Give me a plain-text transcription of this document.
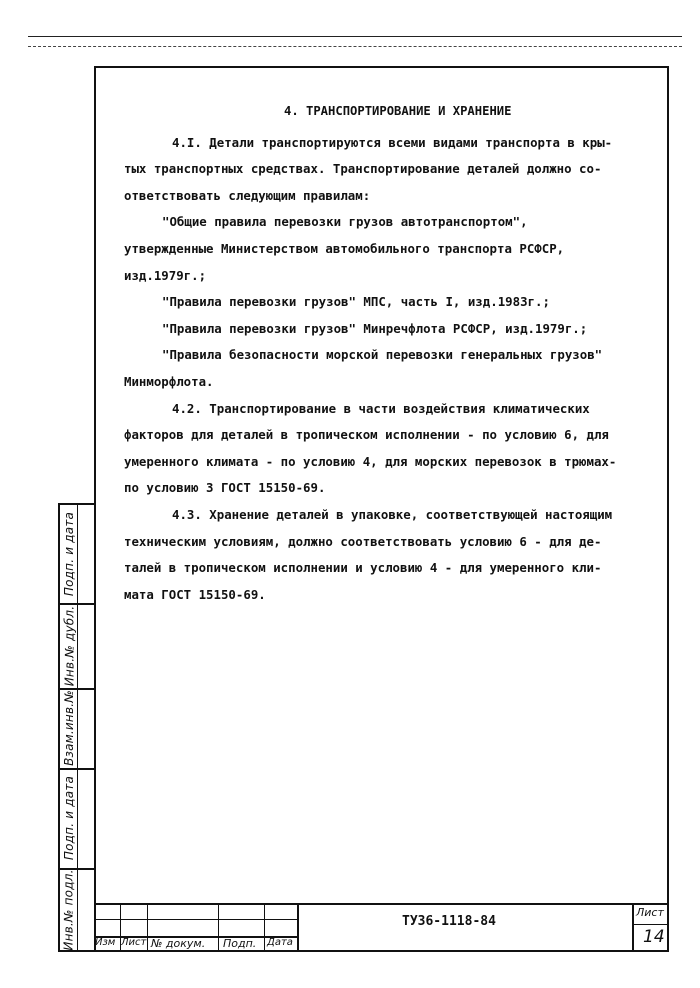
Подп. и дата
Инв.№ дубл.
Взам.инв.№
Подп. и дата
Инв.№ подл.

4. ТРАНСПОРТИРОВАНИЕ И ХРАНЕНИЕ

4.I. Детали транспортируются всеми видами транспорта в кры-
тых транспортных средствах. Транспортирование деталей должно со-
ответствовать следующим правилам:

"Общие правила перевозки грузов автотранспортом",
утвержденные Министерством автомобильного транспорта РСФСР,
изд.1979г.;

"Правила перевозки грузов" МПС, часть I, изд.1983г.;

"Правила перевозки грузов" Минречфлота РСФСР, изд.1979г.;

"Правила безопасности морской перевозки генеральных грузов"
Минморфлота.

4.2. Транспортирование в части воздействия климатических
факторов для деталей в тропическом исполнении - по условию 6, для
умеренного климата - по условию 4, для морских перевозок в трюмах-
по условию 3 ГОСТ 15150-69.

4.3. Хранение деталей в упаковке, соответствующей настоящим
техническим условиям, должно соответствовать условию 6 - для де-
талей в тропическом исполнении и условию 4 - для умеренного кли-
мата ГОСТ 15150-69.

Изм Лист № докум. Подп. Дата
ТУ36-1118-84
Лист
14
